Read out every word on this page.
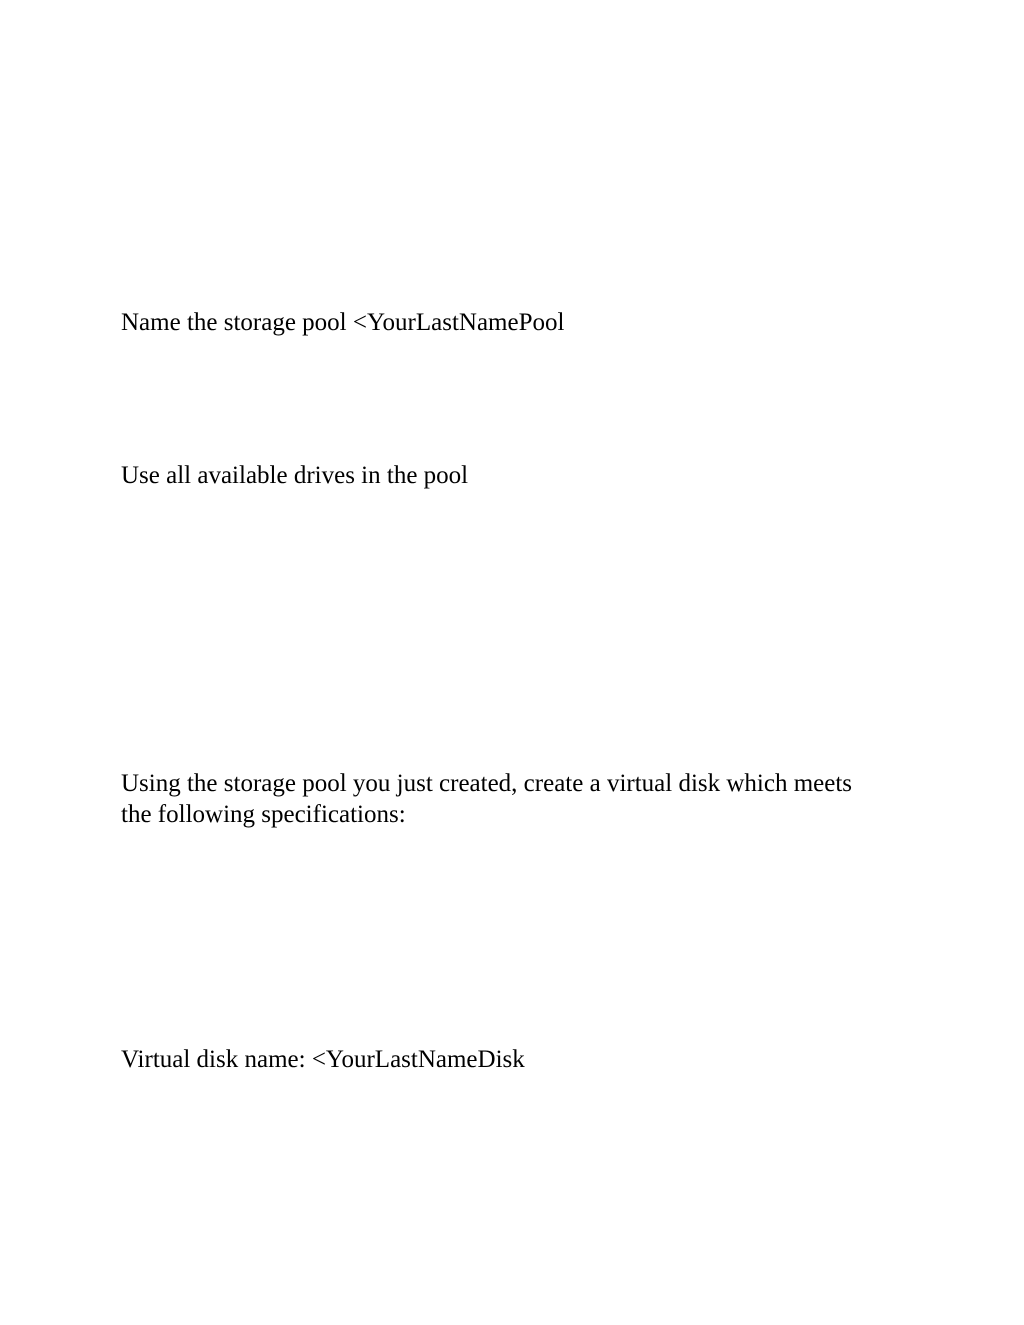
Name the storage pool <YourLastNamePool

Use all available drives in the pool

Using the storage pool you just created, create a virtual disk which meets
the following specifications:

Virtual disk name: <YourLastNameDisk
